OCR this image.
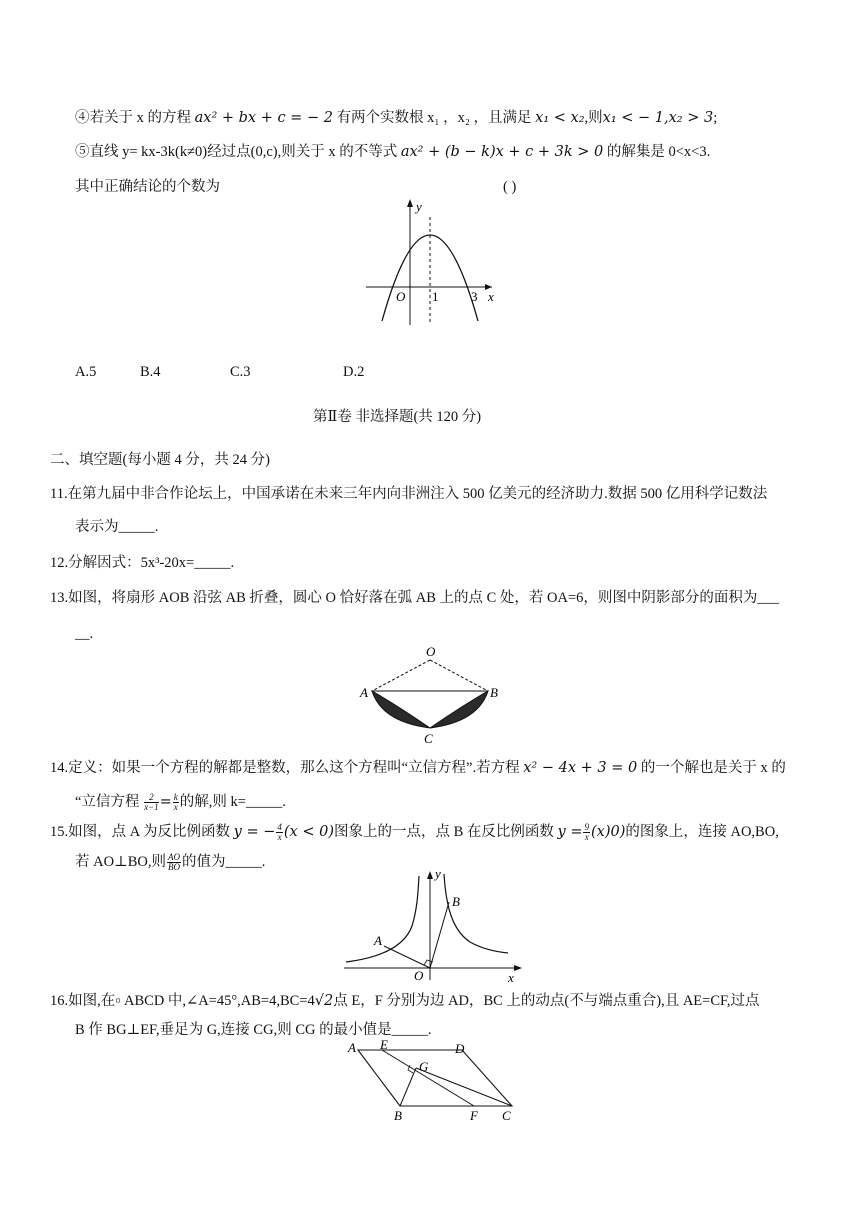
④若关于 x 的方程 ax² + bx + c = − 2 有两个实数根 x₁ ，x₂ ，且满足 x₁ < x₂,则x₁ < − 1,x₂ > 3;
⑤直线 y= kx-3k(k≠0)经过点(0,c),则关于 x 的不等式 ax² + (b − k)x + c + 3k > 0 的解集是 0<x<3.
其中正确结论的个数为	( )
y
x
O 1	3
A.5	B.4	C.3	D.2
第Ⅱ卷 非选择题(共 120 分)
二、填空题(每小题 4 分，共 24 分)
11.在第九届中非合作论坛上，中国承诺在未来三年内向非洲注入 500 亿美元的经济助力.数据 500 亿用科学记数法
表示为_____.
12.分解因式：5x³-20x=_____.
13.如图，将扇形 AOB 沿弦 AB 折叠，圆心 O 恰好落在弧 AB 上的点 C 处，若 OA=6，则图中阴影部分的面积为___
__.
O
A	B
C
14.定义：如果一个方程的解都是整数，那么这个方程叫“立信方程”.若方程 x² − 4x + 3 = 0 的一个解也是关于 x 的
“立信方程 $\frac{2}{x-1} = \frac{k}{x}$ 的解,则 k=_____.
15.如图，点 A 为反比例函数 y = − $\frac{4}{x} (x < 0)$图象上的一点，点 B 在反比例函数 $y = \frac{9}{x} (x)0$)的图象上，连接 AO,BO,
若 AO⊥BO,则 $\frac{AO}{BO}$ 的值为_____.
y
x
O
A
B
16.如图,在▫ ABCD 中,∠A=45°,AB=4,BC=4√2点 E，F 分别为边 AD，BC 上的动点(不与端点重合),且 AE=CF,过点
B 作 BG⊥EF,垂足为 G,连接 CG,则 CG 的最小值是_____.
A E	D
G
B	F C
